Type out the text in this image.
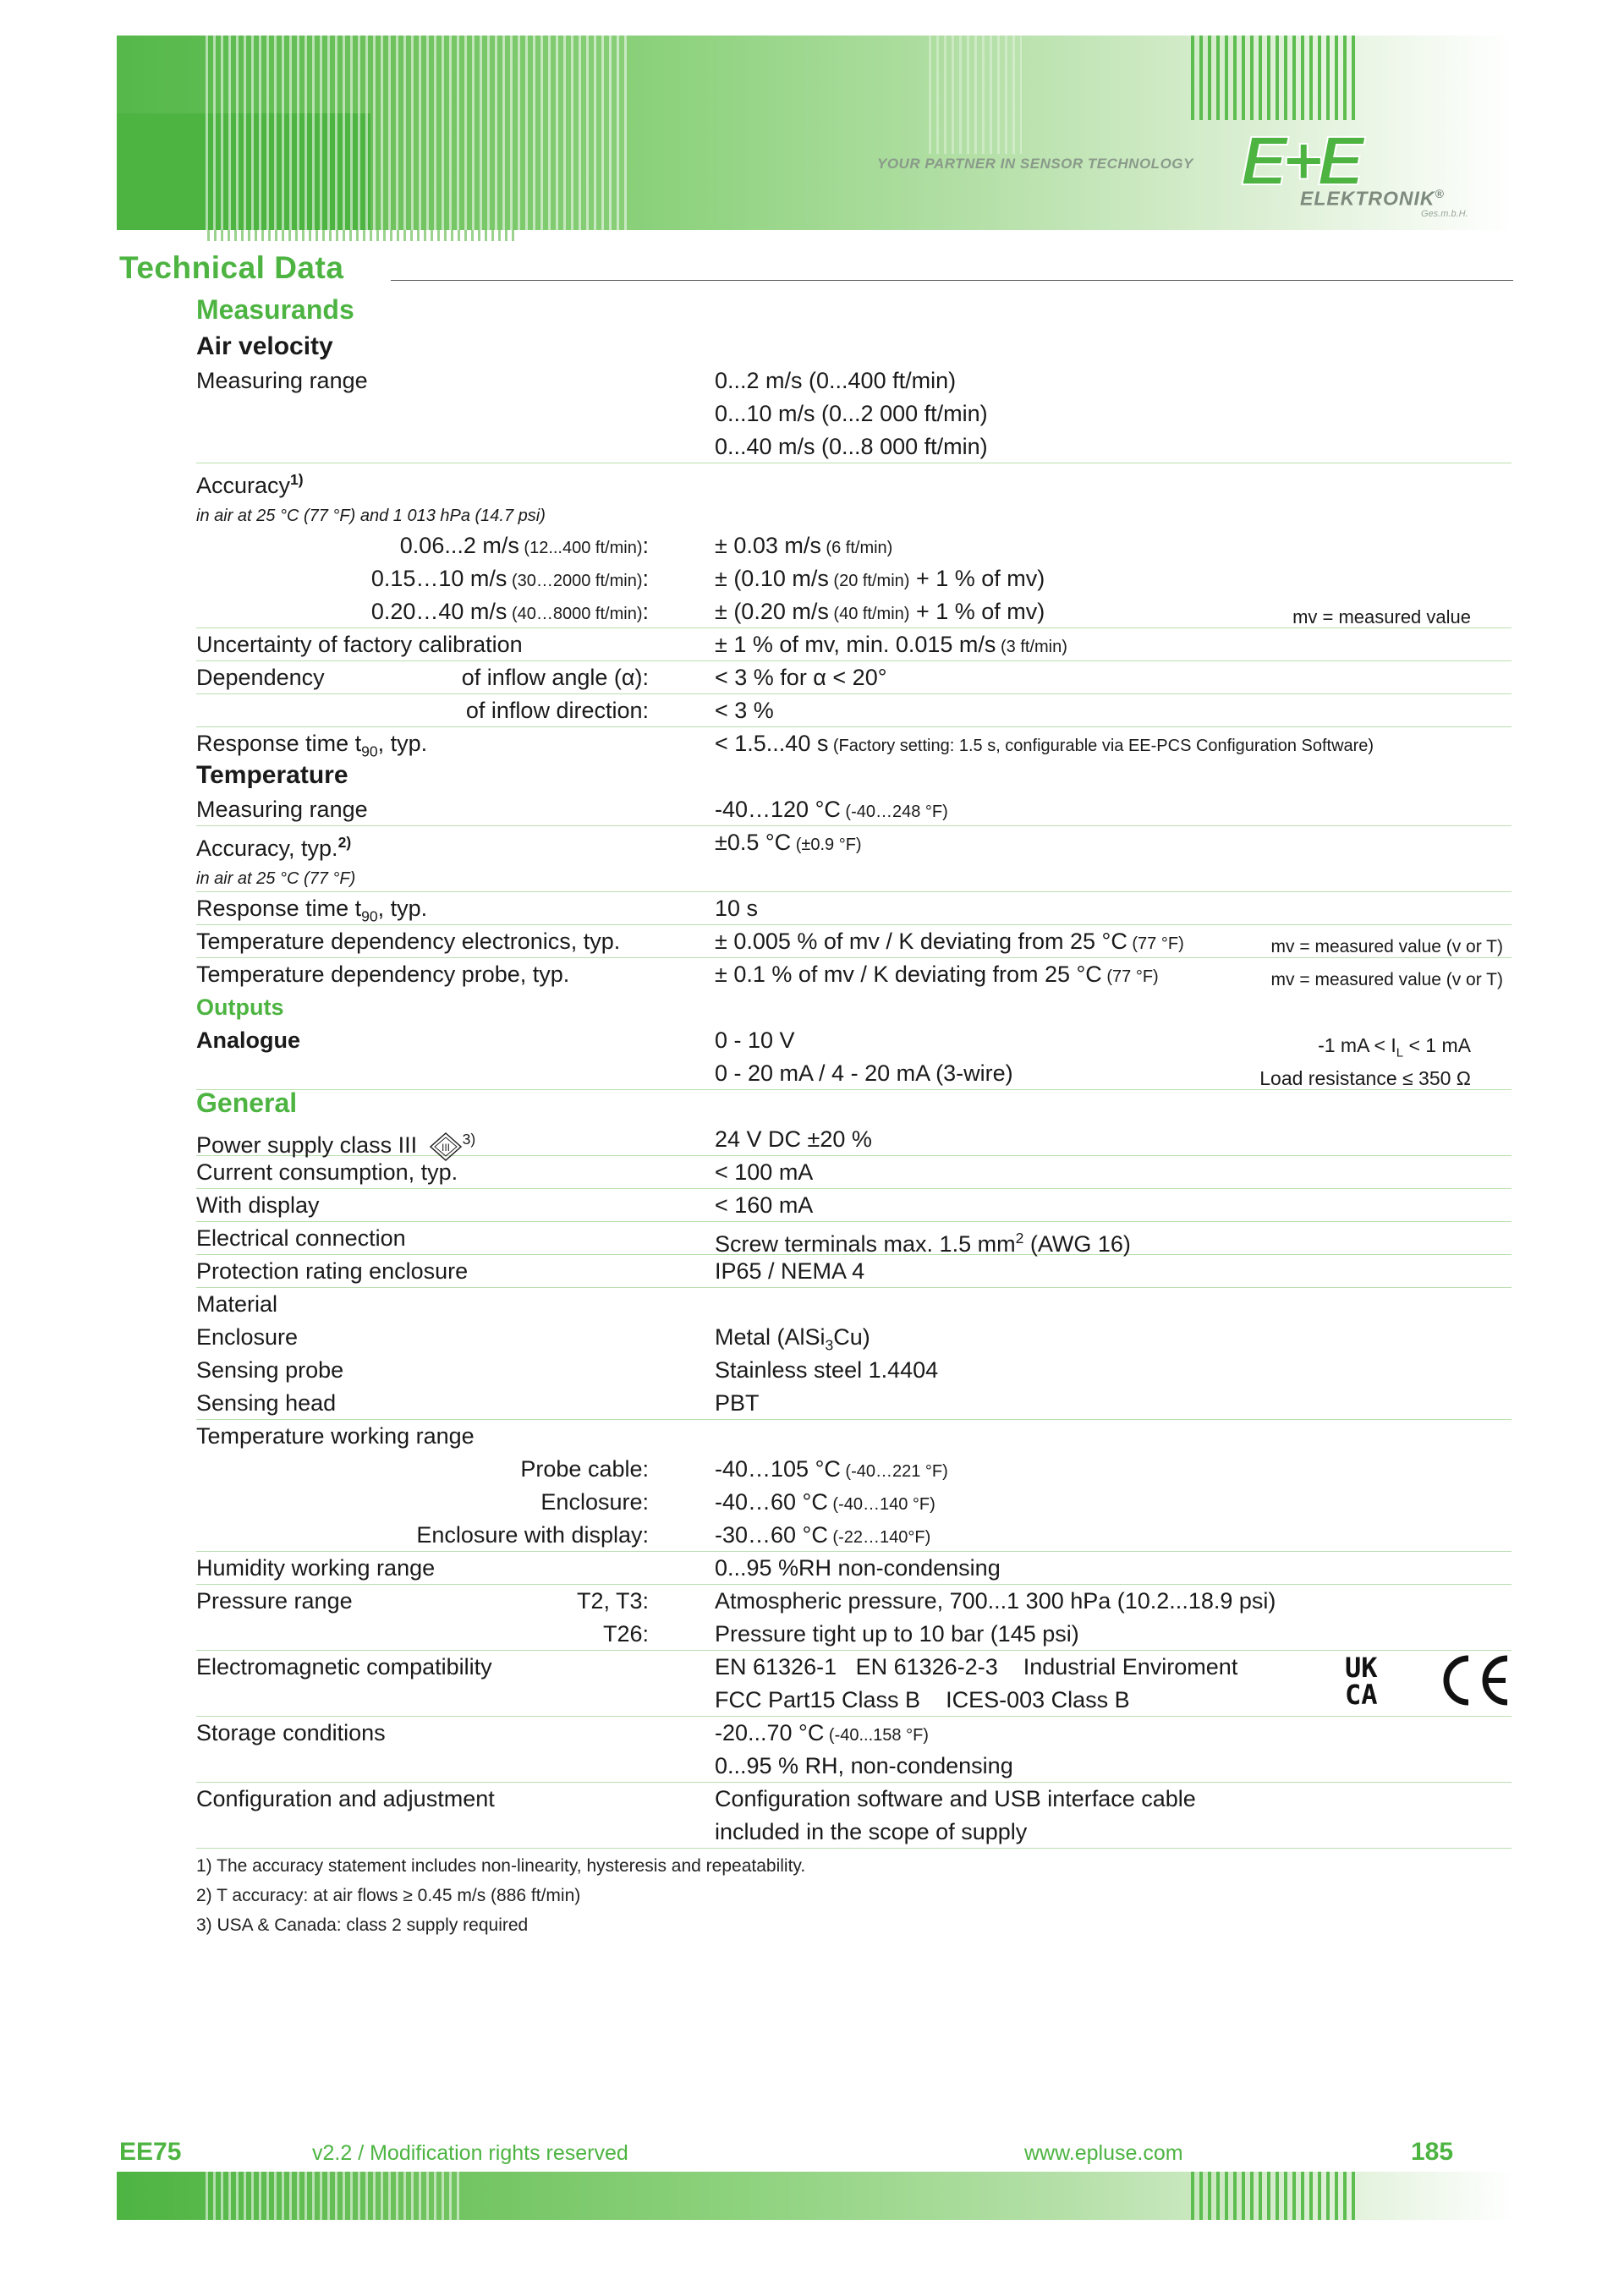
YOUR PARTNER IN SENSOR TECHNOLOGY E+E
ELEKTRONIK®
Ges.m.b.H.
Technical Data
Measurands
Air velocity
Measuring range	0...2 m/s (0...400 ft/min)
0...10 m/s (0...2 000 ft/min)
0...40 m/s (0...8 000 ft/min)
Accuracy$^{1)}$
in air at 25 °C (77 °F) and 1 013 hPa (14.7 psi)
0.06...2 m/s (12...400 ft/min):	± 0.03 m/s (6 ft/min)
0.15…10 m/s (30…2000 ft/min):	± (0.10 m/s (20 ft/min) + 1 % of mv)
0.20…40 m/s (40…8000 ft/min):	± (0.20 m/s (40 ft/min) + 1 % of mv)	mv = measured value
Uncertainty of factory calibration	± 1 % of mv, min. 0.015 m/s (3 ft/min)
Dependency	of inflow angle (α):	< 3 % for α < 20°
of inflow direction:	< 3 %
Response time $t_{90}$, typ.	< 1.5...40 s (Factory setting: 1.5 s, configurable via EE-PCS Configuration Software)
Temperature
Measuring range	-40…120 °C (-40…248 °F)
Accuracy, typ.$^{2)}$	±0.5 °C (±0.9 °F)
in air at 25 °C (77 °F)
Response time $t_{90}$, typ.	10 s
Temperature dependency electronics, typ.	± 0.005 % of mv / K deviating from 25 °C (77 °F)	mv = measured value (v or T)
Temperature dependency probe, typ.	± 0.1 % of mv / K deviating from 25 °C (77 °F)	mv = measured value (v or T)
Outputs
Analogue	0 - 10 V	-1 mA < $I_L < 1$ mA
0 - 20 mA / 4 - 20 mA (3-wire)	Load resistance ≤ 350 Ω
General
Power supply class III III $^{3)}$	24 V DC ±20 %
Current consumption, typ.	< 100 mA
With display	< 160 mA
Electrical connection	Screw terminals max. 1.5 $mm^2$ (AWG 16)
Protection rating enclosure	IP65 / NEMA 4
Material
Enclosure	Metal (AlSi$_3$Cu)
Sensing probe	Stainless steel 1.4404
Sensing head	PBT
Temperature working range
Probe cable:	-40…105 °C (-40…221 °F)
Enclosure:	-40…60 °C (-40…140 °F)
Enclosure with display:	-30…60 °C (-22…140°F)
Humidity working range	0...95 %RH non-condensing
Pressure range	T2, T3:	Atmospheric pressure, 700...1 300 hPa (10.2...18.9 psi)
T26:	Pressure tight up to 10 bar (145 psi)
Electromagnetic compatibility	EN 61326-1   EN 61326-2-3    Industrial Enviroment
FCC Part15 Class B    ICES-003 Class B
UK
CA
Storage conditions	-20...70 °C (-40...158 °F)
0...95 % RH, non-condensing
Configuration and adjustment	Configuration software and USB interface cable
included in the scope of supply
1) The accuracy statement includes non-linearity, hysteresis and repeatability.
2) T accuracy: at air flows ≥ 0.45 m/s (886 ft/min)
3) USA & Canada: class 2 supply required
EE75	v2.2 / Modification rights reserved	www.epluse.com	185
